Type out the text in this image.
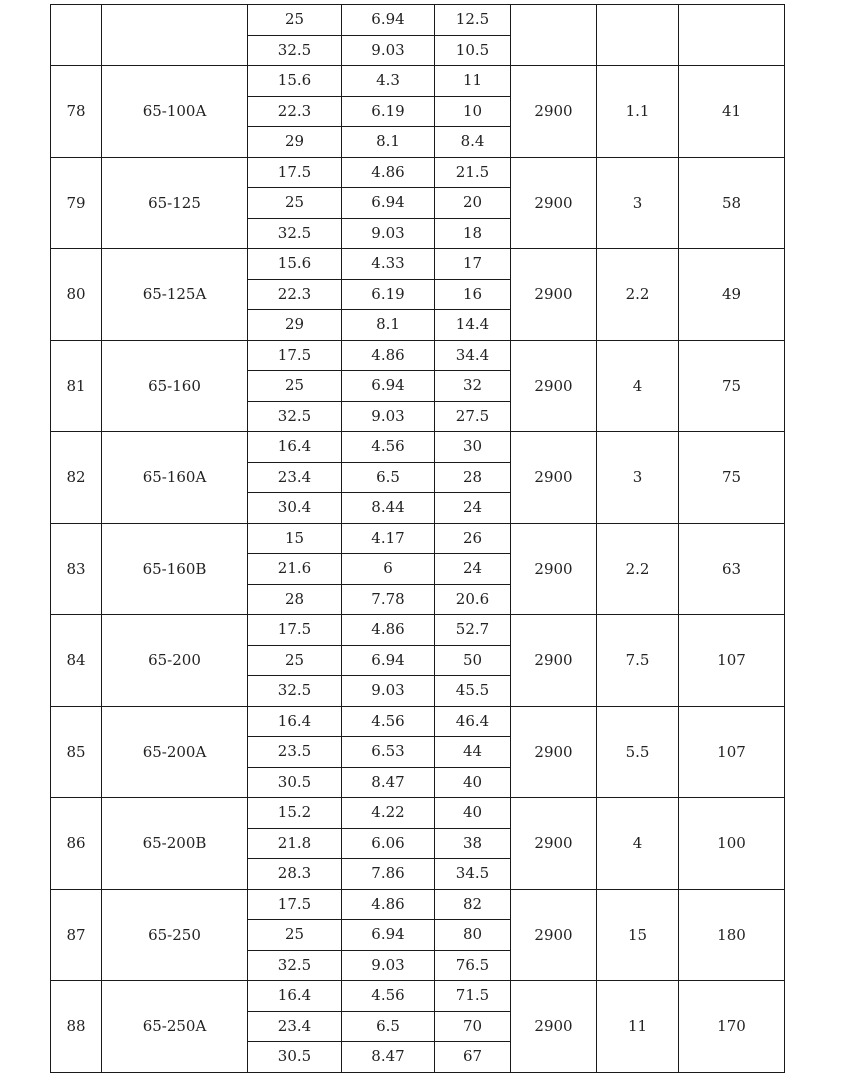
		25	6.94	12.5			
		32.5	9.03	10.5			
78	65-100A	15.6	4.3	11	2900	1.1	41
		22.3	6.19	10			
		29	8.1	8.4			
79	65-125	17.5	4.86	21.5	2900	3	58
		25	6.94	20			
		32.5	9.03	18			
80	65-125A	15.6	4.33	17	2900	2.2	49
		22.3	6.19	16			
		29	8.1	14.4			
81	65-160	17.5	4.86	34.4	2900	4	75
		25	6.94	32			
		32.5	9.03	27.5			
82	65-160A	16.4	4.56	30	2900	3	75
		23.4	6.5	28			
		30.4	8.44	24			
83	65-160B	15	4.17	26	2900	2.2	63
		21.6	6	24			
		28	7.78	20.6			
84	65-200	17.5	4.86	52.7	2900	7.5	107
		25	6.94	50			
		32.5	9.03	45.5			
85	65-200A	16.4	4.56	46.4	2900	5.5	107
		23.5	6.53	44			
		30.5	8.47	40			
86	65-200B	15.2	4.22	40	2900	4	100
		21.8	6.06	38			
		28.3	7.86	34.5			
87	65-250	17.5	4.86	82	2900	15	180
		25	6.94	80			
		32.5	9.03	76.5			
88	65-250A	16.4	4.56	71.5	2900	11	170
		23.4	6.5	70			
		30.5	8.47	67			
